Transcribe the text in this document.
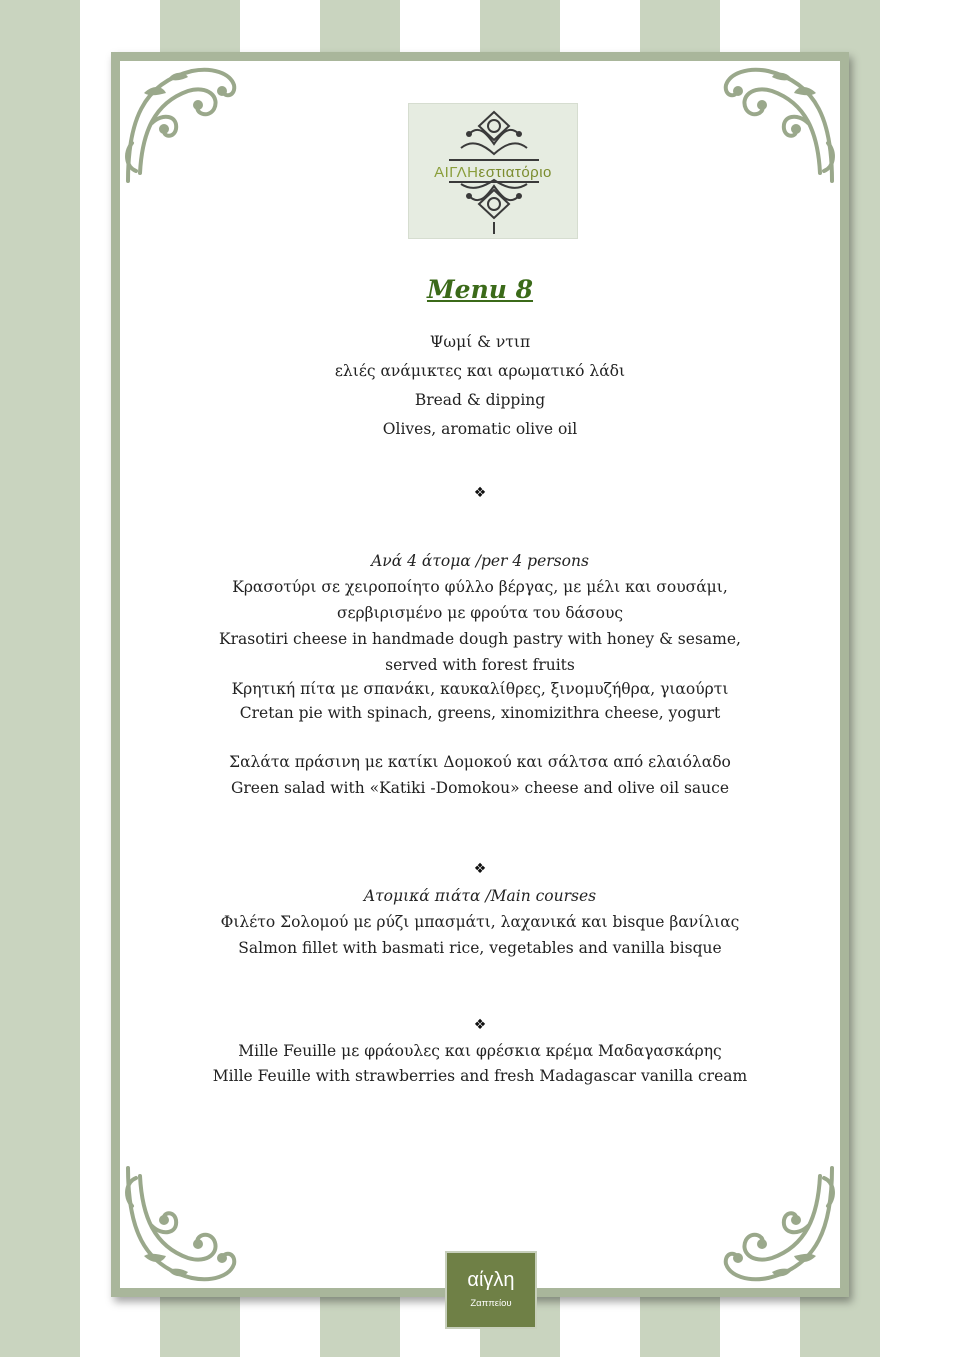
ΑΙΓΛΗεστιατόριο
Menu 8
Ψωμί & ντιπ
ελιές ανάμικτες και αρωματικό λάδι
Bread & dipping
Olives, aromatic olive oil
❖
Ανά 4 άτομα /per 4 persons
Κρασοτύρι σε χειροποίητο φύλλο βέργας, με μέλι και σουσάμι,
σερβιρισμένο με φρούτα του δάσους
Krasotiri cheese in handmade dough pastry with honey & sesame,
served with forest fruits
Κρητική πίτα με σπανάκι, καυκαλίθρες, ξινομυζήθρα, γιαούρτι
Cretan pie with spinach, greens, xinomizithra cheese, yogurt
Σαλάτα πράσινη με κατίκι Δομοκού και σάλτσα από ελαιόλαδο
Green salad with «Katiki -Domokou» cheese and olive oil sauce
❖
Ατομικά πιάτα /Main courses
Φιλέτο Σολομού με ρύζι μπασμάτι, λαχανικά και bisque βανίλιας
Salmon fillet with basmati rice, vegetables and vanilla bisque
❖
Mille Feuille με φράουλες και φρέσκια κρέμα Μαδαγασκάρης
Mille Feuille with strawberries and fresh Madagascar vanilla cream
αίγλη
Ζαππείου
